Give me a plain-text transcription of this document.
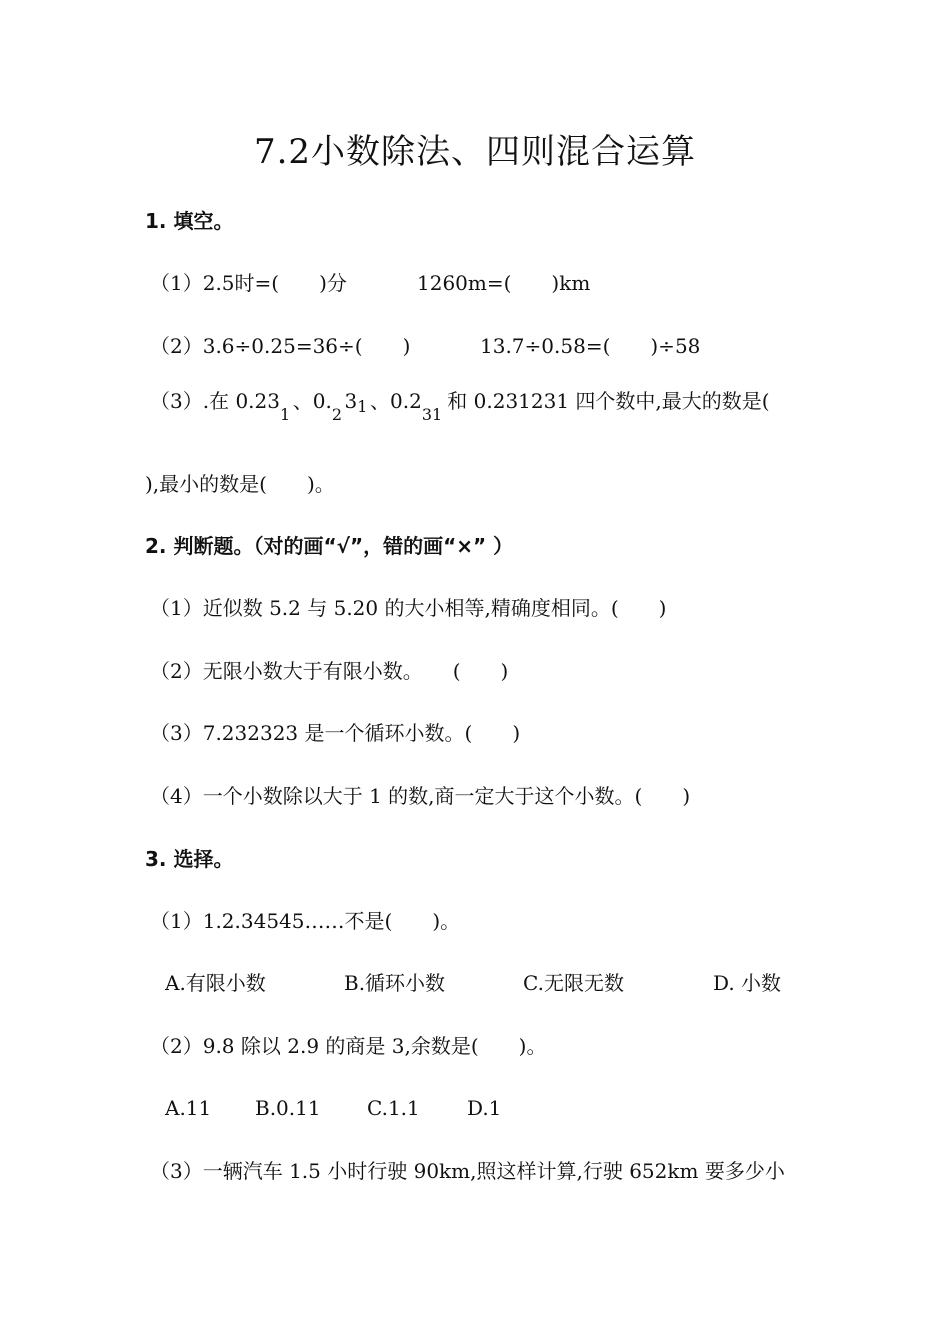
7.2小数除法、四则混合运算
1. 填空。
（1）2.5时=(　　)分	1260m=(　　)km
（2）3.6÷0.25=36÷(　　)	13.7÷0.58=(　　)÷58
（3）.在 0.23
1
、0.
2
3 1 、0.2
31
和 0.231231 四个数中,最大的数是(
),最小的数是(　　)。
2. 判断题。（对的画“√”，错的画“×” ）
（1）近似数 5.2 与 5.20 的大小相等,精确度相同。(　　)
（2）无限小数大于有限小数。　　(　　)
（3）7.232323 是一个循环小数。(　　)
（4）一个小数除以大于 1 的数,商一定大于这个小数。(　　)
3. 选择。
（1）1.2.34545……不是(　　)。
A.有限小数	B.循环小数	C.无限无数	D. 小数
（2）9.8 除以 2.9 的商是 3,余数是(　　)。
A.11 B.0.11 C.1.1 D.1
（3）一辆汽车 1.5 小时行驶 90km,照这样计算,行驶 652km 要多少小
